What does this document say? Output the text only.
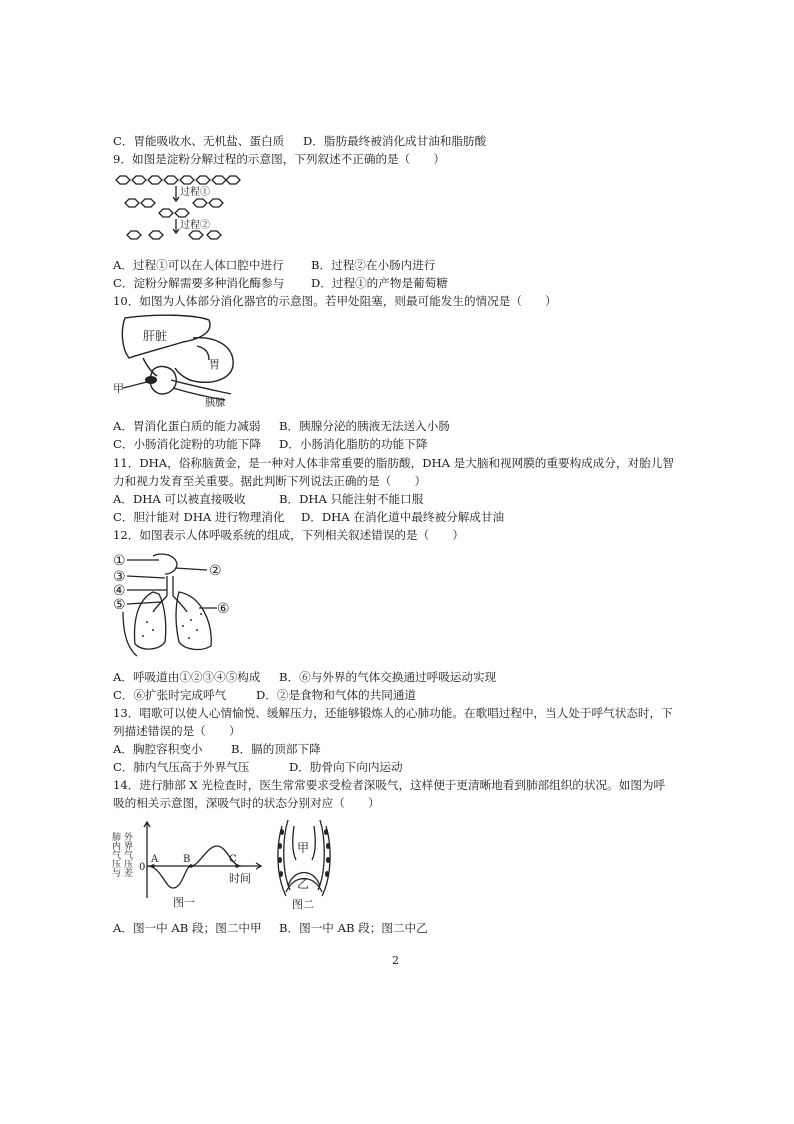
C．胃能吸收水、无机盐、蛋白质 D．脂肪最终被消化成甘油和脂肪酸
9．如图是淀粉分解过程的示意图，下列叙述不正确的是（　　）
过程①
过程②
A．过程①可以在人体口腔中进行 B．过程②在小肠内进行
C．淀粉分解需要多种消化酶参与 D．过程①的产物是葡萄糖
10．如图为人体部分消化器官的示意图。若甲处阻塞，则最可能发生的情况是（　　）
肝脏
胃
甲
胰腺
A．胃消化蛋白质的能力减弱 B．胰腺分泌的胰液无法送入小肠
C．小肠消化淀粉的功能下降 D．小肠消化脂肪的功能下降
11．DHA，俗称脑黄金，是一种对人体非常重要的脂肪酸，DHA 是大脑和视网膜的重要构成成分，对胎儿智
力和视力发育至关重要。据此判断下列说法正确的是（　　）
A．DHA 可以被直接吸收	B．DHA 只能注射不能口服
C．胆汁能对 DHA 进行物理消化 D．DHA 在消化道中最终被分解成甘油
12．如图表示人体呼吸系统的组成，下列相关叙述错误的是（　　）
①
②
③
④
⑤	⑥
A．呼吸道由①②③④⑤构成 B．⑥与外界的气体交换通过呼吸运动实现
C．⑥扩张时完成呼气	D．②是食物和气体的共同通道
13．唱歌可以使人心情愉悦、缓解压力，还能够锻炼人的心肺功能。在歌唱过程中，当人处于呼气状态时，下
列描述错误的是（　　）
A．胸腔容积变小 B．膈的顶部下降
C．肺内气压高于外界气压	D．肋骨向下向内运动
14．进行肺部 X 光检查时，医生常常要求受检者深吸气，这样便于更清晰地看到肺部组织的状况。如图为呼
吸的相关示意图，深吸气时的状态分别对应（　　）
肺内气压与 外界气压差 0
A B	C
时间
图一
甲
乙
图二
A．图一中 AB 段；图二中甲 B．图一中 AB 段；图二中乙
2
